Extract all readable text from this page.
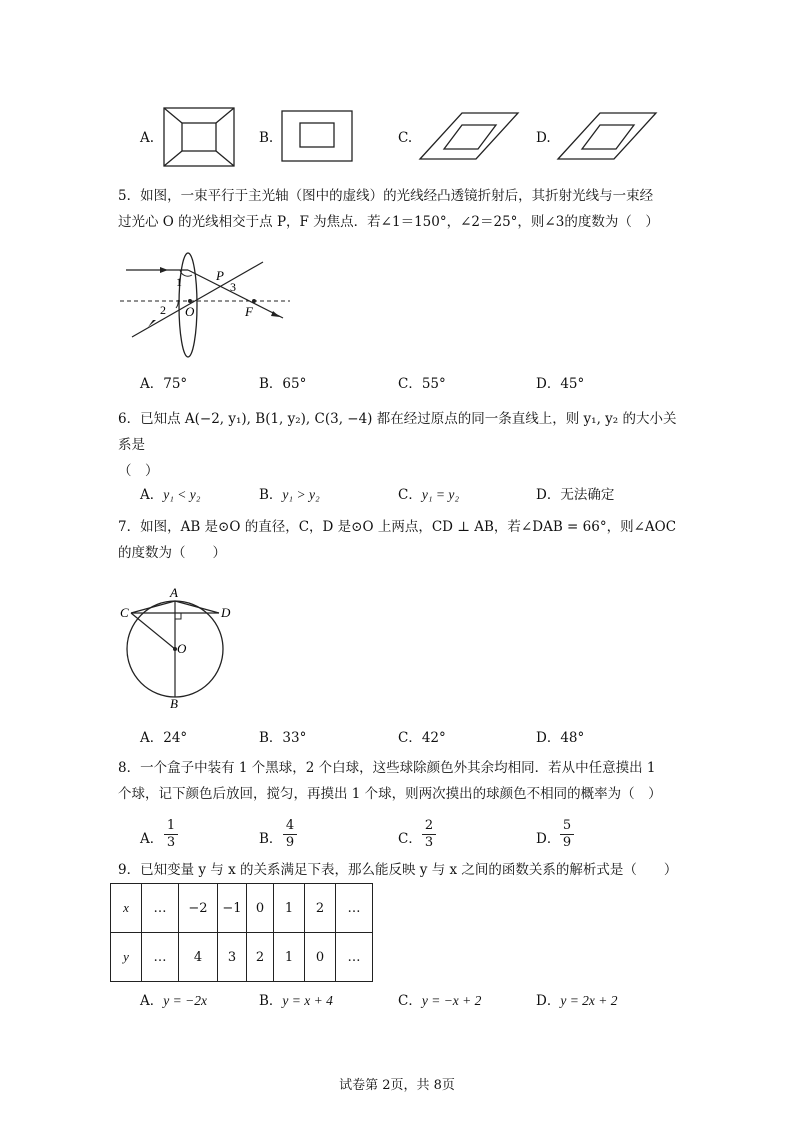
A.	B.	C.	D.
5．如图，一束平行于主光轴（图中的虚线）的光线经凸透镜折射后，其折射光线与一束经
过光心 O 的光线相交于点 P，F 为焦点．若∠1＝150°，∠2＝25°，则∠3的度数为（　）
1
2
3
P
O	F
A．75°	B．65°	C．55°	D．45°
6．已知点 A(−2, y₁), B(1, y₂), C(3, −4) 都在经过原点的同一条直线上，则 y₁, y₂ 的大小关系是
（　）
A．y₁ < y₂	B．y₁ > y₂	C．y₁ = y₂	D．无法确定
7．如图，AB 是⊙O 的直径，C，D 是⊙O 上两点，CD ⊥ AB，若∠DAB = 66°，则∠AOC
的度数为（　　）
A
B
C	D
O
A．24°	B．33°	C．42°	D．48°
8．一个盒子中装有 1 个黑球，2 个白球，这些球除颜色外其余均相同．若从中任意摸出 1
个球，记下颜色后放回，搅匀，再摸出 1 个球，则两次摸出的球颜色不相同的概率为（　）
A．
1
3	B．
4
9	C．
2
3	D．
5
9
9．已知变量 y 与 x 的关系满足下表，那么能反映 y 与 x 之间的函数关系的解析式是（　　）
x	…	−2	−1	0	1	2	…
y	…	4	3	2	1	0	…
A．y = −2x	B．y = x + 4	C．y = −x + 2	D．y = 2x + 2
试卷第 2页，共 8页
